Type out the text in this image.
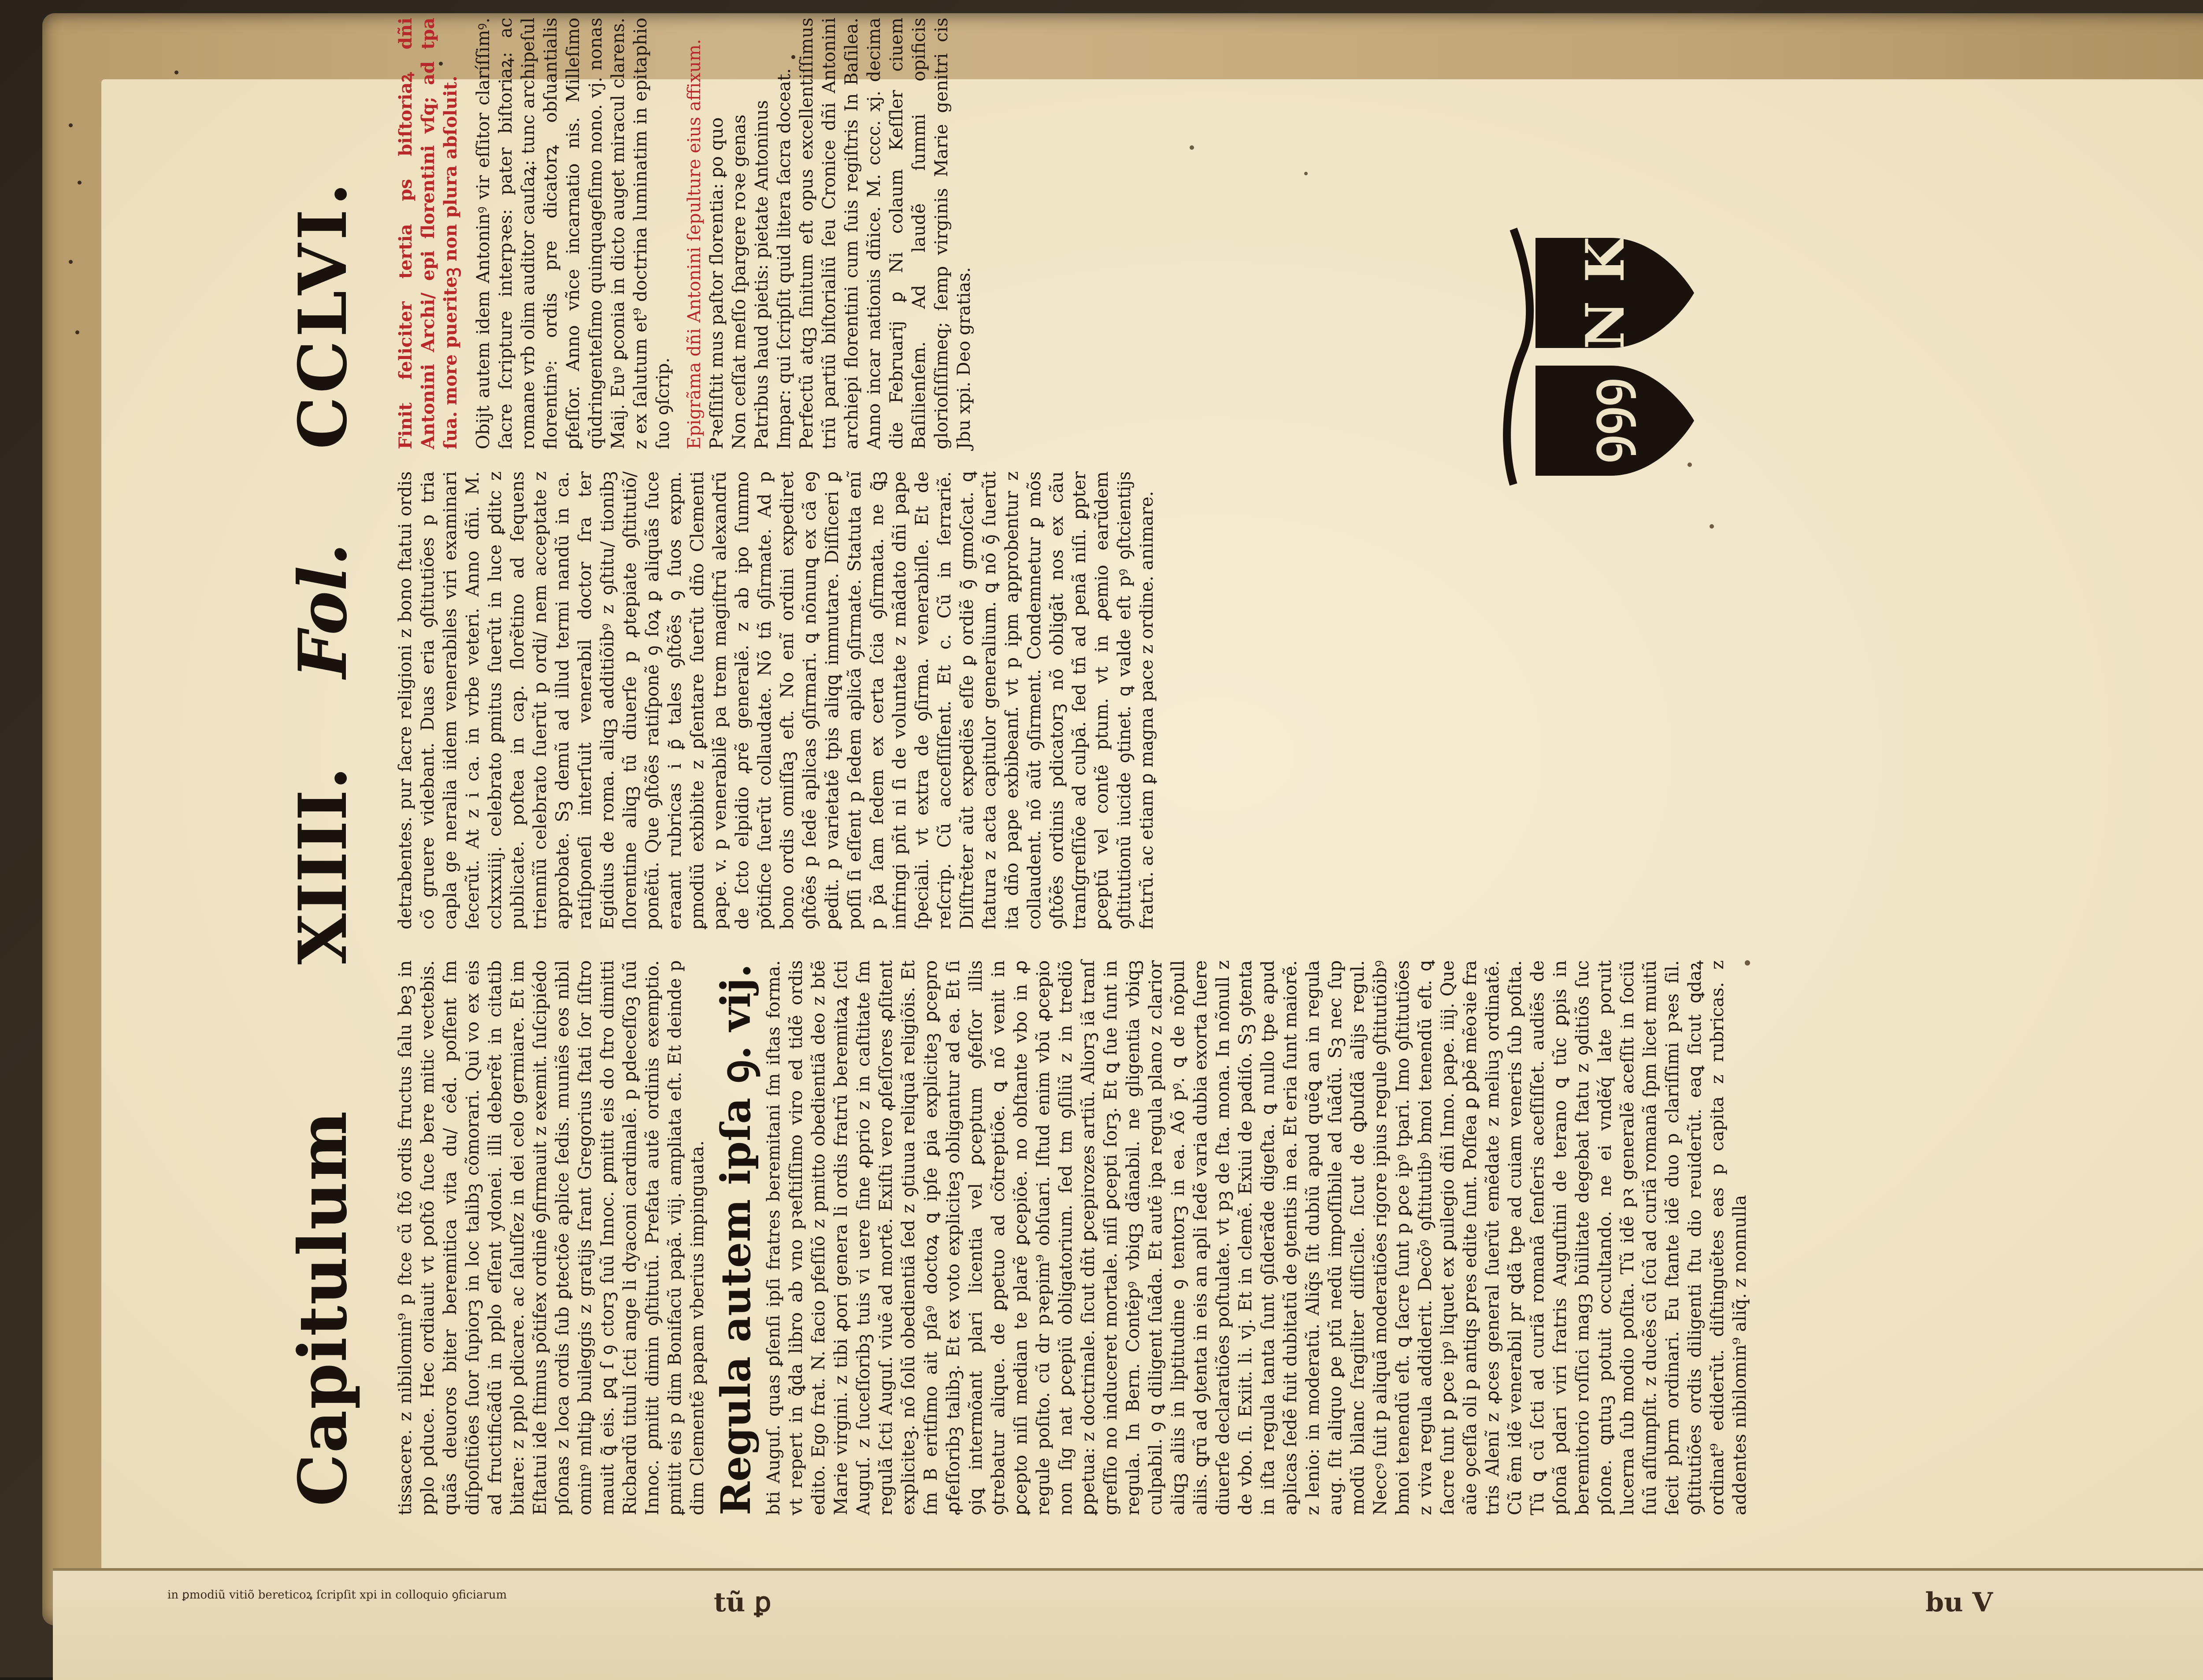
Capitulum
XIIII.
Fol.
CCLVI.

tissacere. z nibilomin⁹ p ſtce cũ ſtõ ordis fructus ſalu beꝫ in pplo pduce. Hec ordiauit vt poſtõ ſuce bere mitic vectebis. quãs deuoros biter beremitica vita du/ cêd. poſſent ſm diſpoſitiões ſuor ſupiorꝫ in loc talibꝫ cõmorari. Qui vo ex eis ad fructificãdũ in pplo eſſent ydonei. illi deberẽt in citatib bitare: z pplo pdicare. ac ſaluſſez in dei celo germiare. Et im Eſtatui ide ſtimus põtifex ordinẽ ꝯfirmauit z exemit. ſuſcipiédo pſonas z loca ordis ſub ꝑtectõe aplice ſedis. muniẽs eos nibil ominꝰ mltiꝑ buileggis z gratijs ſrant Gregorius ſtati ſor ſiſtro mauit ꝗ̃ eis. ꝑꝗ ſ ꝯ ctorꝫ ſuũ Innoc. ꝑmitit eis do ſtro dimitti Ricbardũ tituli ſcti ange li dyaconi cardinalẽ. p ꝑdeceſſoꝫ ſuũ Innoc. ꝑmitit dimin ꝯſtitutũ. Prefata autẽ ordinis exemptio. ꝑmitit eis p dim Bonifacũ papã. viij. ampliata eſt. Et deinde p dim Clementẽ papam vberius impinguata. Regula autem ipſa ꝯ. vij. bti Auguſ. quas ꝑſenſi ipſi fratres beremitani ſm iſtas forma. vt repert in ꝗ̃da libro ab vno pꝛeſtiſſimo viro ed tidẽ ordis edito. Ego frat. N. facio pfeſſiõ z pmitto obedientiã deo z btẽ Marie virgini. z tibi ꝓori genera li ordis fratrũ beremitaꝝ ſcti Auguſ. z ſuceſſoribꝫ tuis vi uere ſine ꝓprio z in caſtitate ſm regulã ſcti Auguſ. viuẽ ad mortẽ. Exiſti vero ꝓſeſſores ꝓſitent expliciteꝫ. nõ ſolũ obedientiã ſed z ꝯtiuua reliquã religiõis. Et ſm B eritſimo ait pſaꝰ doctoꝝ ꝗ ipſe ꝑia expliciteꝫ ꝑcepro ꝓfeſſoribꝫ talibꝫ. Et ex voto expliciteꝫ obligantur ad ea. Et ſi ꝯiꝗ intermõant plari licentia vel ꝑceptum ꝯfeſſor illis ꝯtrebatur alique. de ꝑpetuo ad cõtreptiõe. ꝗ nõ venit in ꝑcepto niſi median te plarẽ ꝑcepiõe. no obſtante vbo in ꝓ regule poſito. cũ dr pꝛepim⁹ obſuari. Iſtud enim vbũ ꝓcepio non ſig nat ꝑcepiũ obligatorium. ſed tm ꝯſiliũ z in trediõ ꝑpetua: z doctrinale. ſicut dñt ꝑcepirozes artiũ. Aliorꝫ iã tranſ greſſio no induceret mortale. niſi ꝑcepti ſorꝫ. Et ꝗ ſue ſunt in regula. In Bern. Contẽpꝰ vbiqꝫ dãnabil. ne gligentia vbiqꝫ culpabil. ꝯ ꝗ diligent ſuãda. Et autẽ ipa regula plano z clarior aliqꝫ aliis in liptitudine ꝯ tentorꝫ in ea. Aõ pꝰ. ꝗ de nõpull aliis. ꝗrũ ad ꝯtenta in eis an apli ſedẽ varia dubia exorta ſuere diuerſe declaratiões poſtulate. vt pꝫ de ſta. mona. In nõnull z de vbo. ſi. Exiit. li. vj. Et in clemẽ. Exiui de padiſo. Sꝫ ꝯtenta in iſta regula tanta ſunt ꝯſiderãde digeſta. ꝗ nullo tpe apud aplicas ſedẽ fuit dubitatũ de ꝯtentis in ea. Et eria ſunt maiorẽ. z lenio: in moderatũ. Aliq̃s ſit dubiũ apud quẽꝗ an in regula aug. ſit aliquo ꝑe ptũ nedũ impoſſibile ad ſuãdũ. Sꝫ nec ſup modũ bilanc ſragiliter diſſicile. ſicut de ꝗbuſdã alijs regul. Neccꝰ ſuit p aliquã moderatiões rigore ipius regule ꝯſtitutiõibꝰ bmoi tenendũ eſt. ꝗ ſacre ſunt p ꝑce ipꝰ tpari. Imo ꝯſtitutiões z viva regula addiderit. Decõꝰ ꝯſtitutibꝰ bmoi tenendũ eſt. ꝗ ſacre ſunt p ꝑce ipꝰ liquet ex ꝑuilegio dñi Inno. pape. iiij. Que aũe ꝯceſſa oli p antiqs ꝑres edite ſunt. Poſſea ꝑ ꝑbẽ mẽoꝛie fra tris Alenĩ z ꝓces general ſuerũt emẽdate z meliuꝫ ordinatẽ. Cũ ẽm idẽ venerabil pr ꝗdã tpe ad cuiam veneris ſub poſita. Tũ ꝗ cũ ſcti ad curiã romanã ſenſeris aceſſiſſet. audiẽs de pſonã pdari viri ſratris Auguſtini de terano ꝗ tũc ꝑpis in beremitorio roſſici magꝫ bũilitate degebat ſtatu z ꝯditiõs ſuc pſone. ꝗntuꝫ potuit occultando. ne ei vndẽq́ late poruit lucerna ſub modio poſita. Tũ idẽ pꝛ generalẽ aceſſit in ſociũ ſuũ aſſumpſit. z ducẽs cũ ſcũ ad curiã romanã ſpm licet muitũ ſecit pbrm ordinari. Eu ſtante idẽ duo p clariſſimi pꝛes ſil. ꝯſtitutiões ordis diligenti ſtu dio reuiderũt. eaꝗ ſicut ꝗdaꝝ ordinat⁹ ediderũt. diſtinguẽtes eas p capita z rubricas. z addentes nibilomin⁹ aliq̃. z nonnulla

detrabentes. pur ſacre religioni z bono ſtatui ordis cõ gruere videbant. Duas eria ꝯſtitutiões p tria capla ge neralia iidem venerabiles viri examinari ſecerũt. At z i ca. in vrbe veteri. Anno dñi. M. cclxxxiiij. celebrato ꝑmitus ſuerũt in luce ꝑditc z publicate. poſtea in cap. ſlorẽtino ad ſequens triennĩũ celebrato ſuerũt p ordi/ nem acceptate z approbate. Sꝫ demũ ad illud termi nandũ in ca. ratiſponeſi interſuit venerabil doctor ſra ter Egidius de roma. aliqꝫ additiõibꝰ z ꝯſtitu/ tionibꝫ ſlorentine aliqꝫ tũ diuerſe p ꝓtepiate ꝯſtitutiõ/ ponẽtũ. Que ꝯſtõẽs ratiſponẽ ꝯ ſoꝝ ꝑ aliquãs ſuce eraant rubricas i ꝑ̃ tales ꝯſtõẽs ꝯ ſuos expm. ꝑmodiũ exbibite z ꝑſentare ſuerũt dño Clementi pape. v. p venerabilẽ pa trem magiſtrũ alexandrũ de ſcto elpidio ꝓrẽ generalẽ. z ab ipo ſummo põtifice ſuerũt collaudate. Nõ tñ ꝯſirmate. Ad p bono ordis omiſſaꝫ eſt. No enĩ ordini expediret ꝯſtõẽs p ſedẽ aplicas ꝯſirmari. ꝗ nõnunꝗ ex cã eꝯ ꝑedit. p varietatẽ tpis aliqꝗ immutare. Diſſiceri ꝑ poſſi ſi eſſent p ſedem aplicã ꝯſirmate. Statuta enĩ p p̃a ſam ſedem ex certa ſcia ꝯſirmata. ne ꝗ̃ꝫ infringi pñt ni ſi de voluntate z mãdato dñi pape ſpeciali. vt extra de ꝯſirma. venerabiſle. Et de reſcrip. Cũ acceſſiſſent. Et c. Cũ in ſerrariẽ. Diſſtrẽter aũt expediẽs eſſe ꝑ ordiẽ ꝯ̃ gmoſcat. ꝗ ſtatura z acta capitulor generalium. ꝗ nõ ꝯ̃ ſuerũt ita dño pape exbibeanf. vt p ipm approbentur z collaudent. nõ aũt ꝯſirment. Condemnetur ꝑ mõs ꝯſtõẽs ordinis pdicatorꝫ nõ obligãt nos ex cãu tranſgreſſiõe ad culpã. ſed tñ ad penã niſi. ꝑpter ꝑceptũ vel contẽ ptum. vt in ꝓemio earũdem ꝯſtitutionũ iucide ꝯtinet. ꝗ valde eſt pꝰ ꝯſtcientijs fratrũ. ac etiam ꝑ magna pace z ordine. animare.

Finit feliciter tertia ps biſtoriaꝝ dñi Antonini Archi/ epi ſlorentini vſq; ad tpa ſua. more pueriteꝫ non plura abſoluit. Obijt autem idem Antoninꝰ vir eſſitor claríſſimꝰ. ſacre ſcripture interpꝛes: pater biſtoriaꝝ: ac romane vrb olim auditor cauſaꝝ: tunc archipeſul florentinꝰ: ordis pre dicatorꝝ obſuantialis ꝑfeſſor. Anno vñce incarnatio nis. Milleſimo qũdringenteſimo quinquageſimo nono. vj. nonas Maij. Euꝰ ꝑconia in dicto auget miracul clarens. z ex ſalutum et⁹ doctrina luminatim in epitaphio ſuo ꝯſcrip. Epigrãma dñi Antonini ſepulture eius affixum. Pꝛeſſiſtit mus paſtor ſlorentia: ꝑo quo Non ceſſat meſſo ſpargere roꝛe genas Patribus haud pietis: pietate Antoninus Impar: qui ſcripſit quid litera ſacra doceat. Perfectũ atqꝫ ſinitum eſt opus excellentiſſimus triũ partiũ biſtorialiũ ſeu Cronice dñi Antonini archiepi florentini cum ſuis regiſtris In Baſilea. Anno incar nationis dñice. M. cccc. xj. decima die Februarij ꝑ Ni colaum Keſſler ciuem Baſilienſem. Ad laudẽ ſummi opificis glorioſiſſimeq; ſemp virginis Marie genitri cis Jbu xpi. Deo gratias.	ꝯꝯꝯ
N K
in ꝑmodiũ vitiõ bereticoꝝ ſcripſit xpi in colloquio ꝯficiarum	tũ ꝑ	bu V
